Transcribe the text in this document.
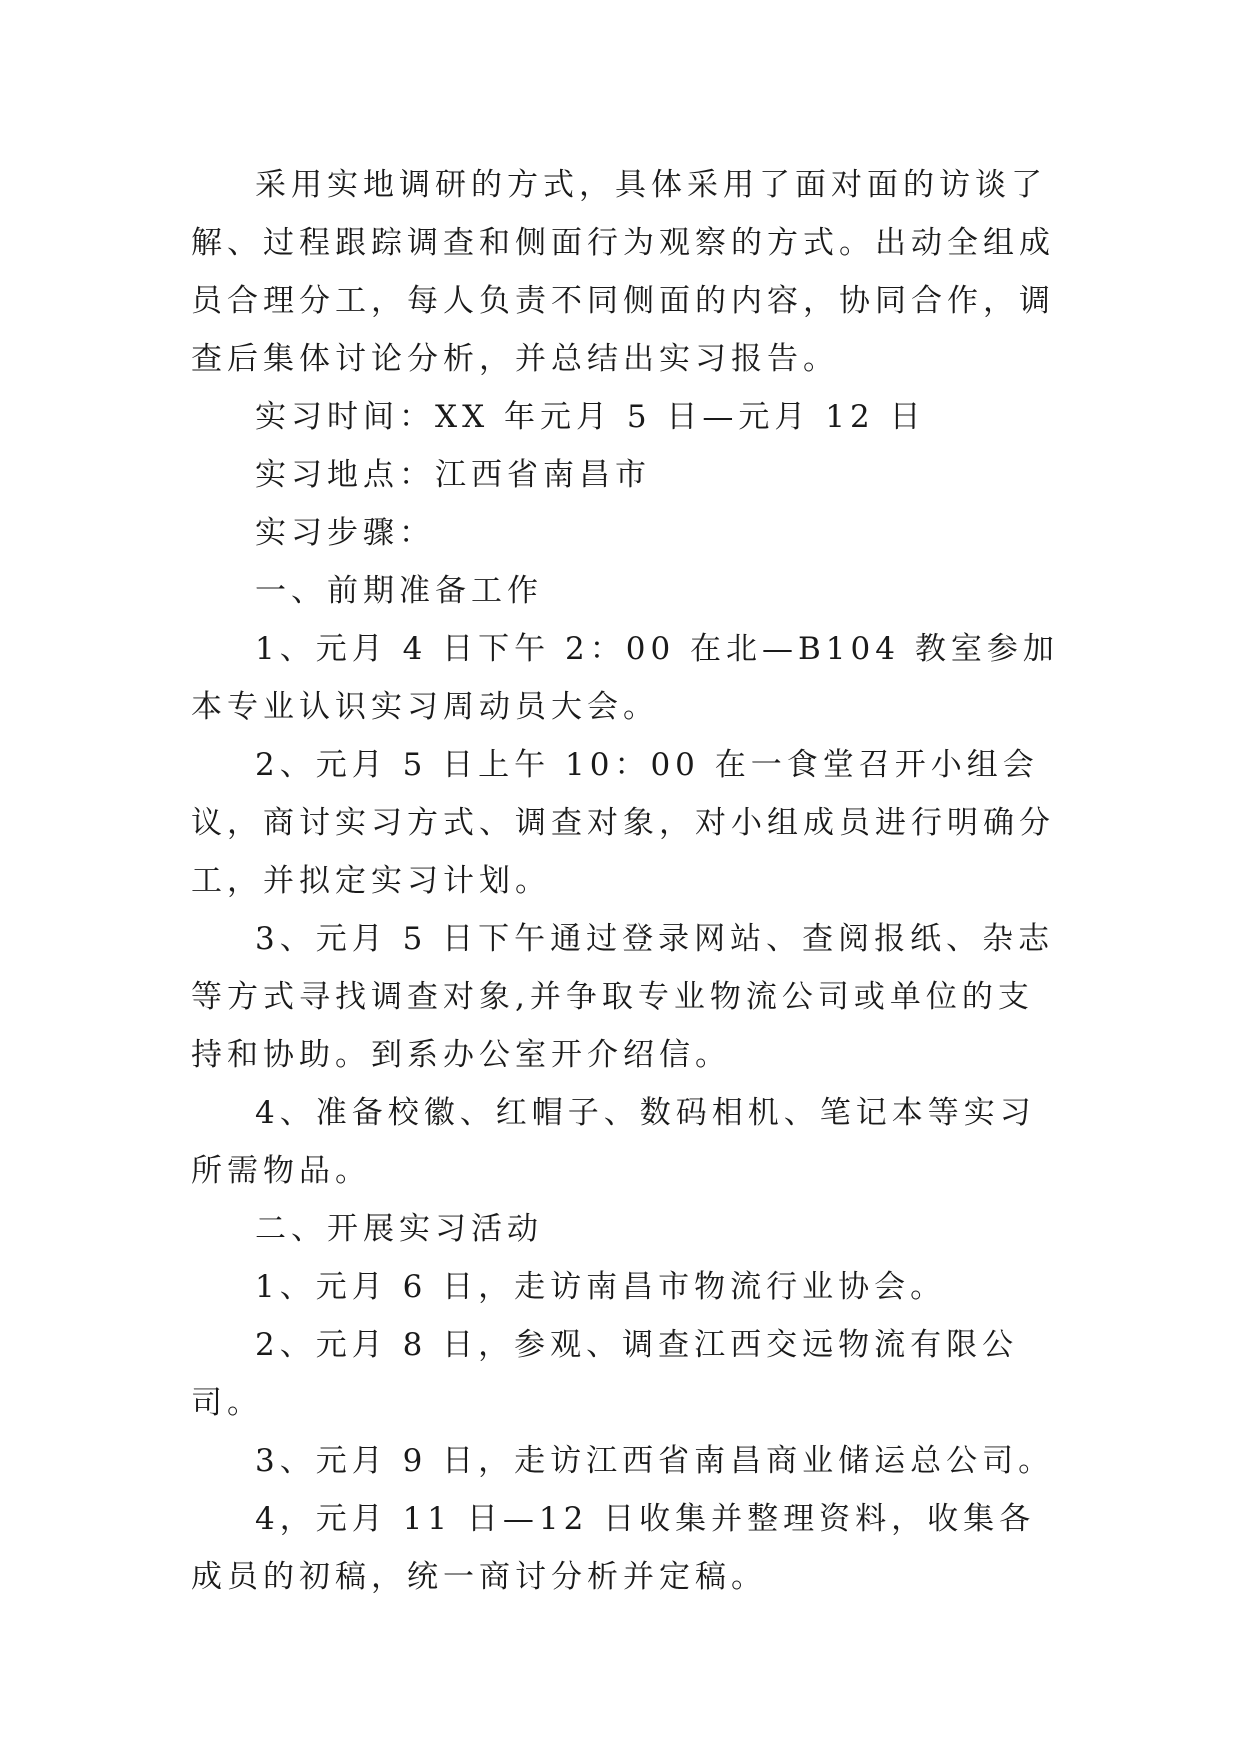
采用实地调研的方式，具体采用了面对面的访谈了解、过程跟踪调查和侧面行为观察的方式。出动全组成员合理分工，每人负责不同侧面的内容，协同合作，调查后集体讨论分析，并总结出实习报告。

实习时间：XX 年元月 5 日—元月 12 日

实习地点：江西省南昌市

实习步骤：

一、前期准备工作

1、元月 4 日下午 2：00 在北—B104 教室参加本专业认识实习周动员大会。

2、元月 5 日上午 10：00 在一食堂召开小组会议，商讨实习方式、调查对象，对小组成员进行明确分工，并拟定实习计划。

3、元月 5 日下午通过登录网站、查阅报纸、杂志等方式寻找调查对象,并争取专业物流公司或单位的支持和协助。到系办公室开介绍信。

4、准备校徽、红帽子、数码相机、笔记本等实习所需物品。

二、开展实习活动

1、元月 6 日，走访南昌市物流行业协会。

2、元月 8 日，参观、调查江西交远物流有限公司。

3、元月 9 日，走访江西省南昌商业储运总公司。

4，元月 11 日—12 日收集并整理资料，收集各成员的初稿，统一商讨分析并定稿。
